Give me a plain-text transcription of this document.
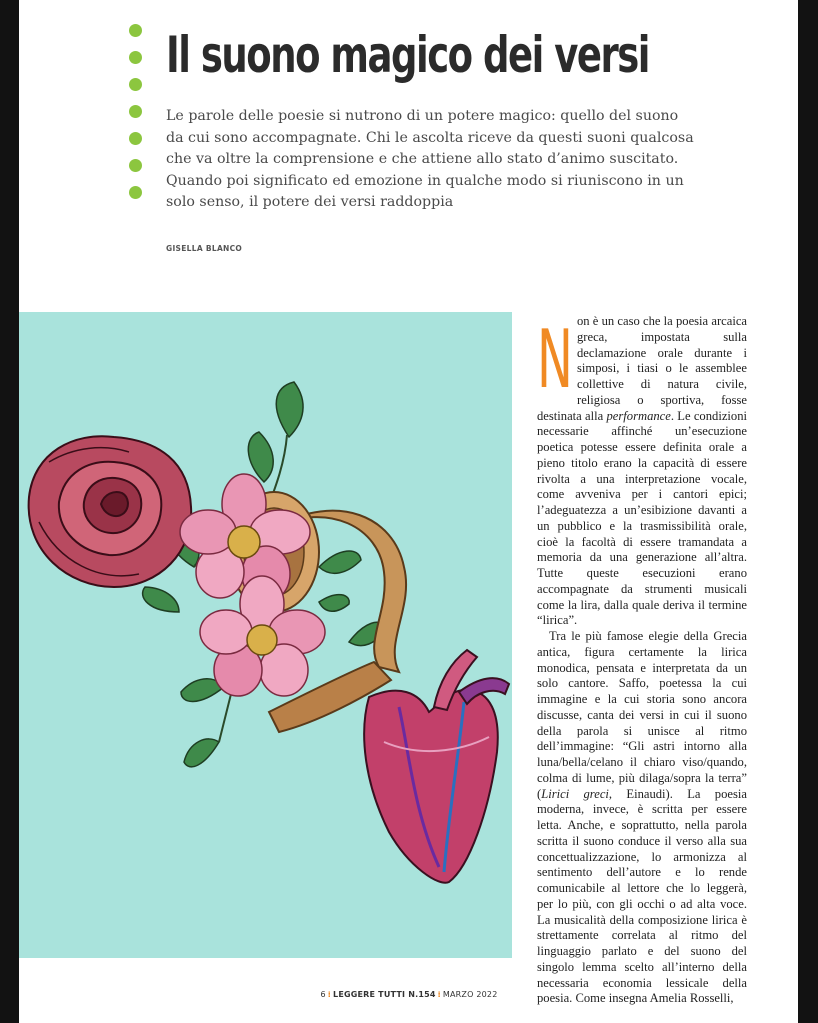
Il suono magico dei versi

Le parole delle poesie si nutrono di un potere magico: quello del suono da cui sono accompagnate. Chi le ascolta riceve da questi suoni qualcosa che va oltre la comprensione e che attiene allo stato d’animo suscitato. Quando poi significato ed emozione in qualche modo si riuniscono in un solo senso, il potere dei versi raddoppia

GISELLA BLANCO

Non è un caso che la poesia arcaica greca, impostata sulla declamazione orale durante i simposi, i tiasi o le assemblee collettive di natura civile, religiosa o sportiva, fosse destinata alla performance. Le condizioni necessarie affinché un’esecuzione poetica potesse essere definita orale a pieno titolo erano la capacità di essere rivolta a una interpretazione vocale, come avveniva per i cantori epici; l’adeguatezza a un’esibizione davanti a un pubblico e la trasmissibilità orale, cioè la facoltà di essere tramandata a memoria da una generazione all’altra. Tutte queste esecuzioni erano accompagnate da strumenti musicali come la lira, dalla quale deriva il termine “lirica”.

Tra le più famose elegie della Grecia antica, figura certamente la lirica monodica, pensata e interpretata da un solo cantore. Saffo, poetessa la cui immagine e la cui storia sono ancora discusse, canta dei versi in cui il suono della parola si unisce al ritmo dell’immagine: “Gli astri intorno alla luna/bella/celano il chiaro viso/quando, colma di lume, più dilaga/sopra la terra” (Lirici greci, Einaudi). La poesia moderna, invece, è scritta per essere letta. Anche, e soprattutto, nella parola scritta il suono conduce il verso alla sua concettualizzazione, lo armonizza al sentimento dell’autore e lo rende comunicabile al lettore che lo leggerà, per lo più, con gli occhi o ad alta voce. La musicalità della composizione lirica è strettamente correlata al ritmo del linguaggio parlato e del suono del singolo lemma scelto all’interno della necessaria economia lessicale della poesia. Come insegna Amelia Rosselli,

6 ⁞ LEGGERE TUTTI N.154 ⁞ MARZO 2022
